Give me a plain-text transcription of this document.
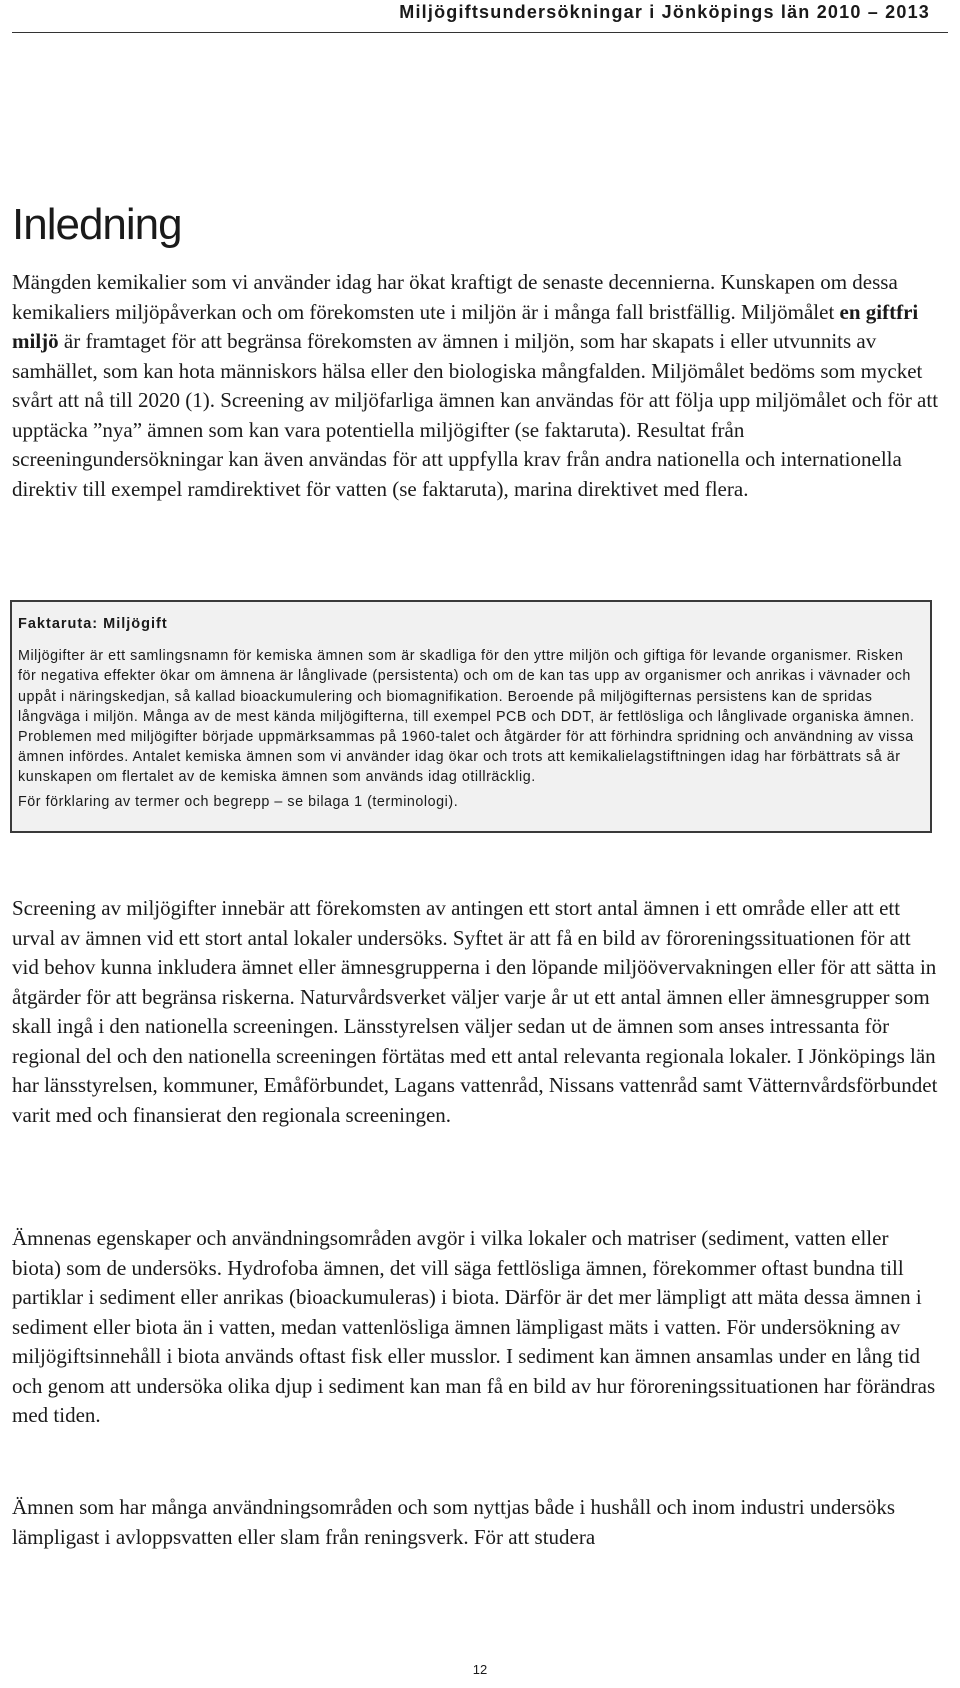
Miljögiftsundersökningar i Jönköpings län 2010 – 2013
Inledning

Mängden kemikalier som vi använder idag har ökat kraftigt de senaste decennierna. Kunskapen om dessa kemikaliers miljöpåverkan och om förekomsten ute i miljön är i många fall bristfällig. Miljömålet en giftfri miljö är framtaget för att begränsa förekomsten av ämnen i miljön, som har skapats i eller utvunnits av samhället, som kan hota människors hälsa eller den biologiska mångfalden. Miljömålet bedöms som mycket svårt att nå till 2020 (1). Screening av miljöfarliga ämnen kan användas för att följa upp miljömålet och för att upptäcka ”nya” ämnen som kan vara potentiella miljögifter (se faktaruta). Resultat från screeningundersökningar kan även användas för att uppfylla krav från andra nationella och internationella direktiv till exempel ramdirektivet för vatten (se faktaruta), marina direktivet med flera.

Faktaruta: Miljögift

Miljögifter är ett samlingsnamn för kemiska ämnen som är skadliga för den yttre miljön och giftiga för levande organismer. Risken för negativa effekter ökar om ämnena är långlivade (persistenta) och om de kan tas upp av organismer och anrikas i vävnader och uppåt i näringskedjan, så kallad bioackumulering och biomagnifikation. Beroende på miljögifternas persistens kan de spridas långväga i miljön. Många av de mest kända miljögifterna, till exempel PCB och DDT, är fettlösliga och långlivade organiska ämnen. Problemen med miljögifter började uppmärksammas på 1960-talet och åtgärder för att förhindra spridning och användning av vissa ämnen infördes. Antalet kemiska ämnen som vi använder idag ökar och trots att kemikalielagstiftningen idag har förbättrats så är kunskapen om flertalet av de kemiska ämnen som används idag otillräcklig.

För förklaring av termer och begrepp – se bilaga 1 (terminologi).

Screening av miljögifter innebär att förekomsten av antingen ett stort antal ämnen i ett område eller att ett urval av ämnen vid ett stort antal lokaler undersöks. Syftet är att få en bild av föroreningssituationen för att vid behov kunna inkludera ämnet eller ämnesgrupperna i den löpande miljöövervakningen eller för att sätta in åtgärder för att begränsa riskerna. Naturvårdsverket väljer varje år ut ett antal ämnen eller ämnesgrupper som skall ingå i den nationella screeningen. Länsstyrelsen väljer sedan ut de ämnen som anses intressanta för regional del och den nationella screeningen förtätas med ett antal relevanta regionala lokaler. I Jönköpings län har länsstyrelsen, kommuner, Emåförbundet, Lagans vattenråd, Nissans vattenråd samt Vätternvårdsförbundet varit med och finansierat den regionala screeningen.

Ämnenas egenskaper och användningsområden avgör i vilka lokaler och matriser (sediment, vatten eller biota) som de undersöks. Hydrofoba ämnen, det vill säga fettlösliga ämnen, förekommer oftast bundna till partiklar i sediment eller anrikas (bioackumuleras) i biota. Därför är det mer lämpligt att mäta dessa ämnen i sediment eller biota än i vatten, medan vattenlösliga ämnen lämpligast mäts i vatten. För undersökning av miljögiftsinnehåll i biota används oftast fisk eller musslor. I sediment kan ämnen ansamlas under en lång tid och genom att undersöka olika djup i sediment kan man få en bild av hur föroreningssituationen har förändras med tiden.

Ämnen som har många användningsområden och som nyttjas både i hushåll och inom industri undersöks lämpligast i avloppsvatten eller slam från reningsverk. För att studera

12
